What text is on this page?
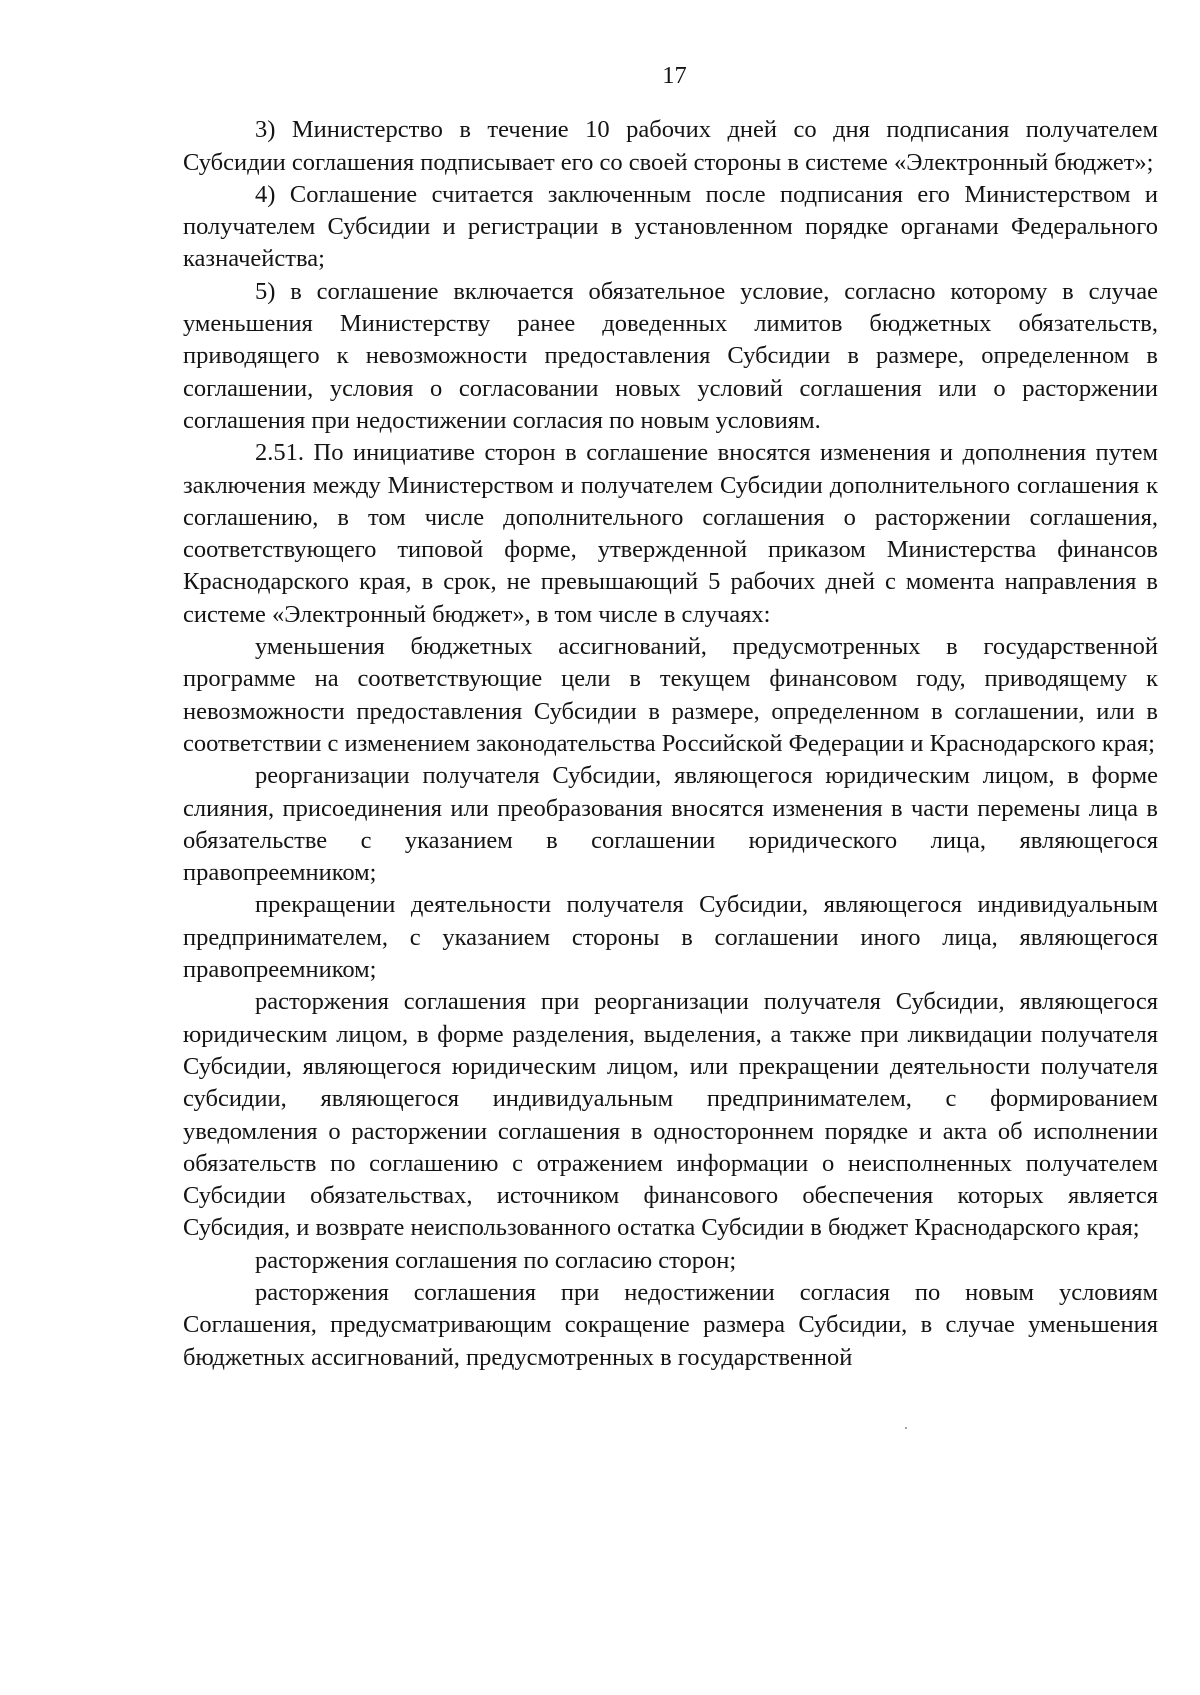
17

3) Министерство в течение 10 рабочих дней со дня подписания получателем Субсидии соглашения подписывает его со своей стороны в системе «Электронный бюджет»;

4) Соглашение считается заключенным после подписания его Министерством и получателем Субсидии и регистрации в установленном порядке органами Федерального казначейства;

5) в соглашение включается обязательное условие, согласно которому в случае уменьшения Министерству ранее доведенных лимитов бюджетных обязательств, приводящего к невозможности предоставления Субсидии в размере, определенном в соглашении, условия о согласовании новых условий соглашения или о расторжении соглашения при недостижении согласия по новым условиям.

2.51. По инициативе сторон в соглашение вносятся изменения и дополнения путем заключения между Министерством и получателем Субсидии дополнительного соглашения к соглашению, в том числе дополнительного соглашения о расторжении соглашения, соответствующего типовой форме, утвержденной приказом Министерства финансов Краснодарского края, в срок, не превышающий 5 рабочих дней с момента направления в системе «Электронный бюджет», в том числе в случаях:

уменьшения бюджетных ассигнований, предусмотренных в государственной программе на соответствующие цели в текущем финансовом году, приводящему к невозможности предоставления Субсидии в размере, определенном в соглашении, или в соответствии с изменением законодательства Российской Федерации и Краснодарского края;

реорганизации получателя Субсидии, являющегося юридическим лицом, в форме слияния, присоединения или преобразования вносятся изменения в части перемены лица в обязательстве с указанием в соглашении юридического лица, являющегося правопреемником;

прекращении деятельности получателя Субсидии, являющегося индивидуальным предпринимателем, с указанием стороны в соглашении иного лица, являющегося правопреемником;

расторжения соглашения при реорганизации получателя Субсидии, являющегося юридическим лицом, в форме разделения, выделения, а также при ликвидации получателя Субсидии, являющегося юридическим лицом, или прекращении деятельности получателя субсидии, являющегося индивидуальным предпринимателем, с формированием уведомления о расторжении соглашения в одностороннем порядке и акта об исполнении обязательств по соглашению с отражением информации о неисполненных получателем Субсидии обязательствах, источником финансового обеспечения которых является Субсидия, и возврате неиспользованного остатка Субсидии в бюджет Краснодарского края;

расторжения соглашения по согласию сторон;

расторжения соглашения при недостижении согласия по новым условиям Соглашения, предусматривающим сокращение размера Субсидии, в случае уменьшения бюджетных ассигнований, предусмотренных в государственной
